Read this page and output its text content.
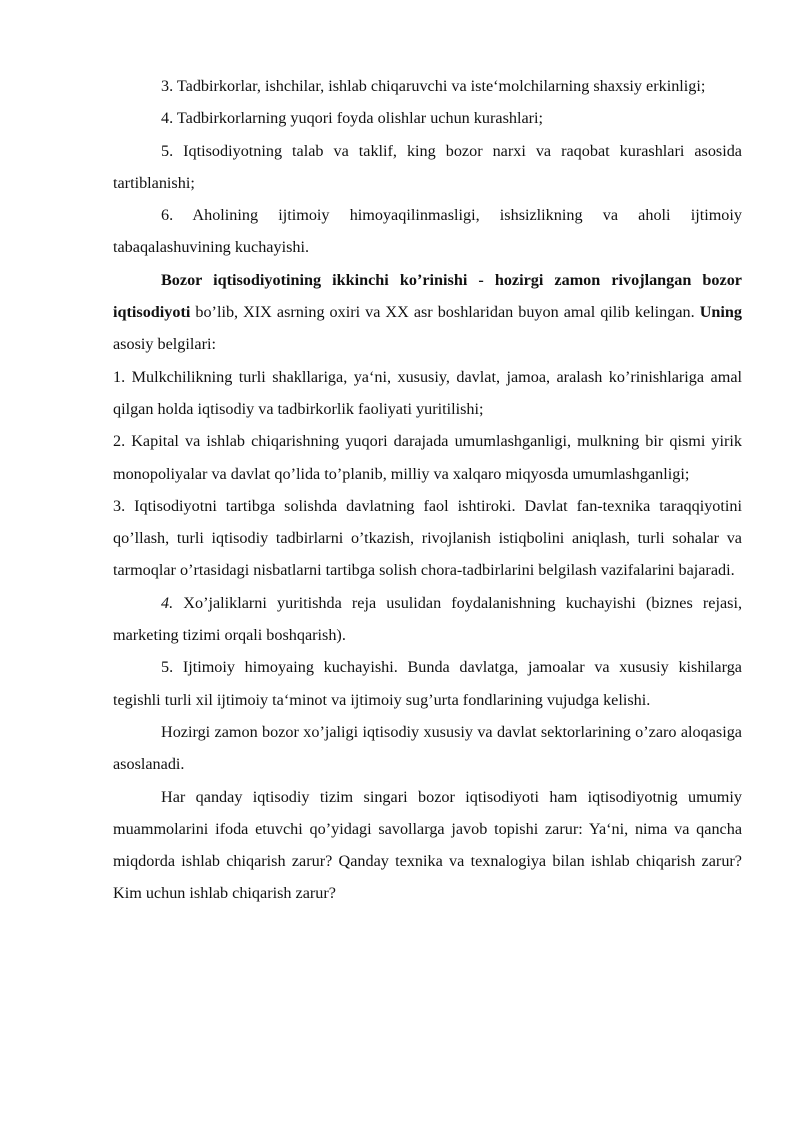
3. Tadbirkorlar, ishchilar, ishlab chiqaruvchi va iste‘molchilarning shaxsiy erkinligi;

4. Tadbirkorlarning yuqori foyda olishlar uchun kurashlari;

5. Iqtisodiyotning talab va taklif, king bozor narxi va raqobat kurashlari asosida tartiblanishi;

6. Aholining ijtimoiy himoyaqilinmasligi, ishsizlikning va aholi ijtimoiy tabaqalashuvining kuchayishi.

Bozor iqtisodiyotining ikkinchi ko’rinishi - hozirgi zamon rivojlangan bozor iqtisodiyoti bo’lib, XIX asrning oxiri va XX asr boshlaridan buyon amal qilib kelingan. Uning asosiy belgilari:

1. Mulkchilikning turli shakllariga, ya‘ni, xususiy, davlat, jamoa, aralash ko’rinishlariga amal qilgan holda iqtisodiy va tadbirkorlik faoliyati yuritilishi;

2. Kapital va ishlab chiqarishning yuqori darajada umumlashganligi, mulkning bir qismi yirik monopoliyalar va davlat qo’lida to’planib, milliy va xalqaro miqyosda umumlashganligi;

3. Iqtisodiyotni tartibga solishda davlatning faol ishtiroki. Davlat fan-texnika taraqqiyotini qo’llash, turli iqtisodiy tadbirlarni o’tkazish, rivojlanish istiqbolini aniqlash, turli sohalar va tarmoqlar o’rtasidagi nisbatlarni tartibga solish chora-tadbirlarini belgilash vazifalarini bajaradi.

4. Xo’jaliklarni yuritishda reja usulidan foydalanishning kuchayishi (biznes rejasi, marketing tizimi orqali boshqarish).

5. Ijtimoiy himoyaing kuchayishi. Bunda davlatga, jamoalar va xususiy kishilarga tegishli turli xil ijtimoiy ta‘minot va ijtimoiy sug’urta fondlarining vujudga kelishi.

Hozirgi zamon bozor xo’jaligi iqtisodiy xususiy va davlat sektorlarining o’zaro aloqasiga asoslanadi.

Har qanday iqtisodiy tizim singari bozor iqtisodiyoti ham iqtisodiyotnig umumiy muammolarini ifoda etuvchi qo’yidagi savollarga javob topishi zarur: Ya‘ni, nima va qancha miqdorda ishlab chiqarish zarur? Qanday texnika va texnalogiya bilan ishlab chiqarish zarur? Kim uchun ishlab chiqarish zarur?
